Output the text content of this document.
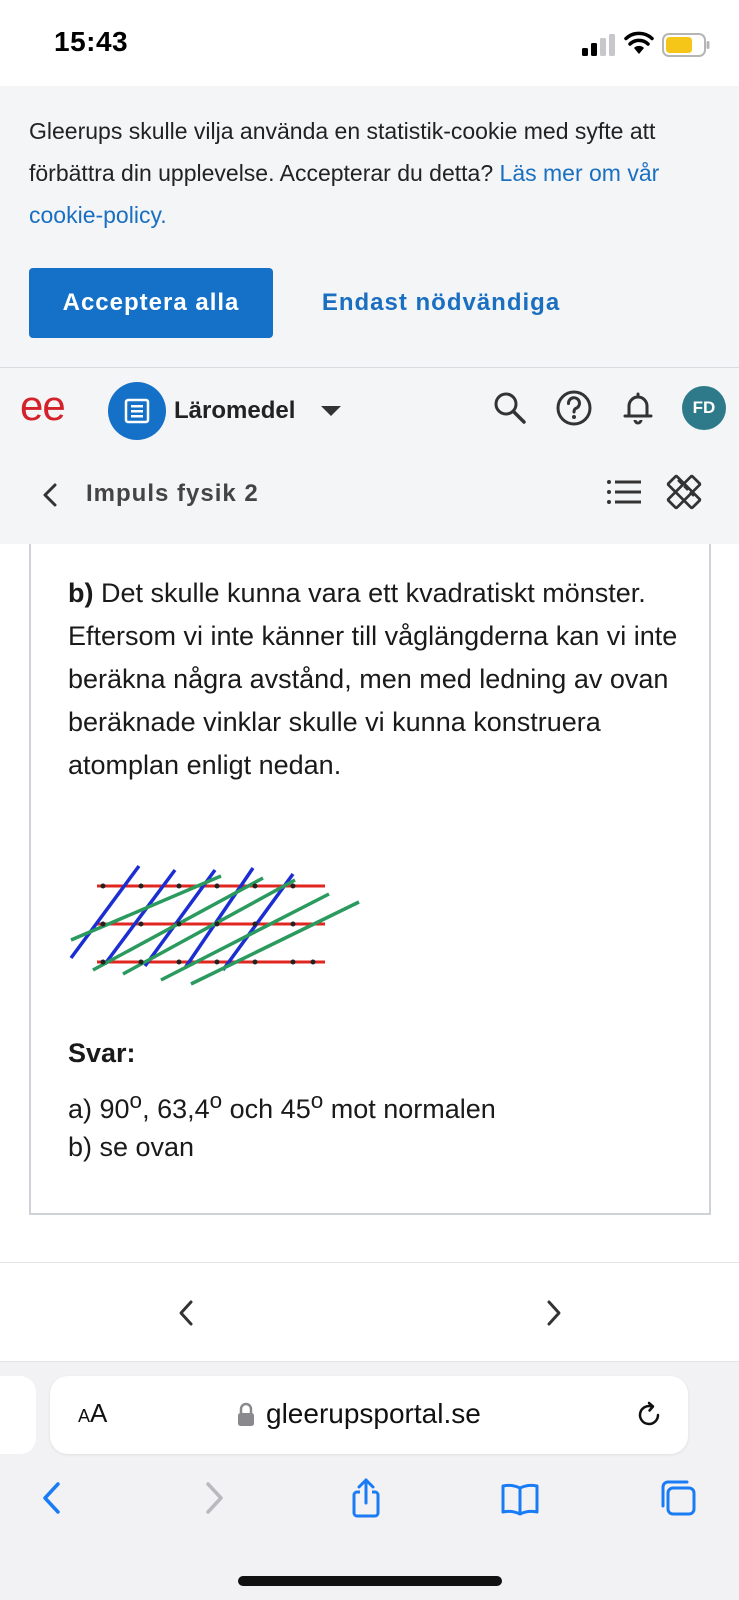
15:43

Gleerups skulle vilja använda en statistik-cookie med syfte att förbättra din upplevelse. Accepterar du detta? Läs mer om vår cookie-policy.

Acceptera alla	Endast nödvändiga
ee	Läromedel	FD
Impuls fysik 2

b) Det skulle kunna vara ett kvadratiskt mönster. Eftersom vi inte känner till våglängderna kan vi inte beräkna några avstånd, men med ledning av ovan beräknade vinklar skulle vi kunna konstruera atomplan enligt nedan.

Svar:
a) 90$^o$, 63,4$^o$ och 45$^o$ mot normalen
b) se ovan
AA	gleerupsportal.se
